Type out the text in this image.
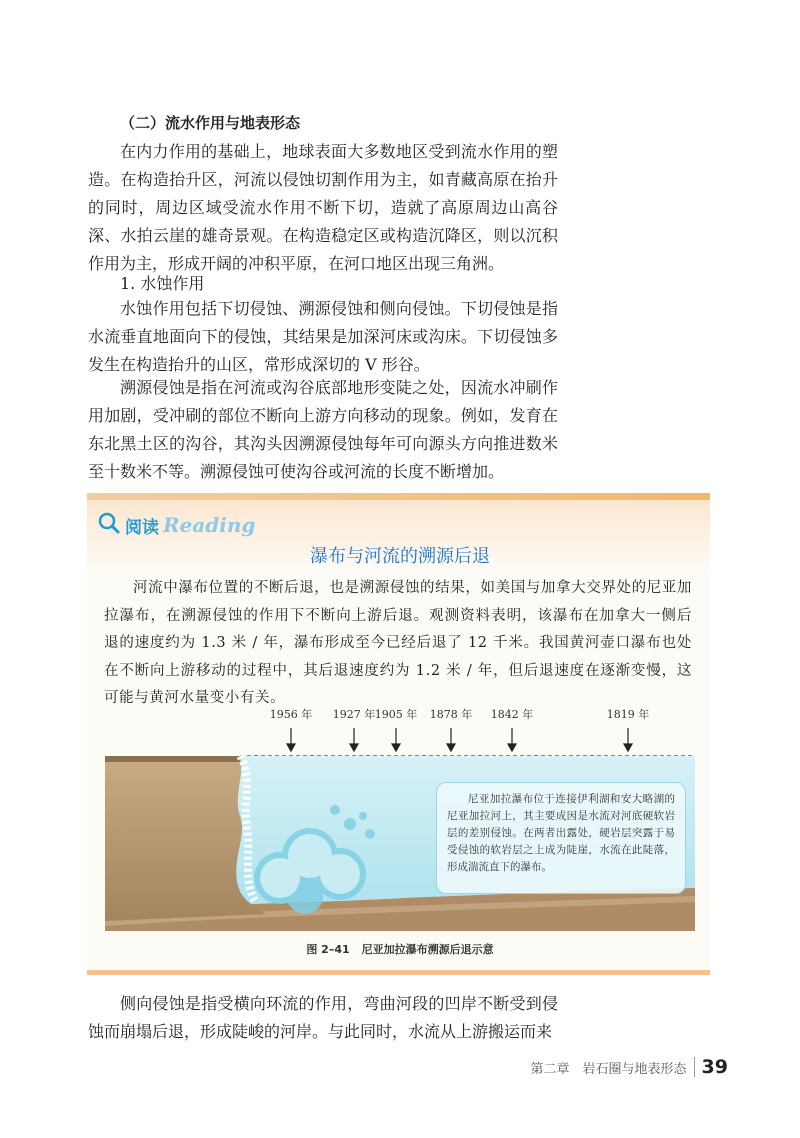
（二）流水作用与地表形态

在内力作用的基础上，地球表面大多数地区受到流水作用的塑造。在构造抬升区，河流以侵蚀切割作用为主，如青藏高原在抬升的同时，周边区域受流水作用不断下切，造就了高原周边山高谷深、水拍云崖的雄奇景观。在构造稳定区或构造沉降区，则以沉积作用为主，形成开阔的冲积平原，在河口地区出现三角洲。

1. 水蚀作用

水蚀作用包括下切侵蚀、溯源侵蚀和侧向侵蚀。下切侵蚀是指水流垂直地面向下的侵蚀，其结果是加深河床或沟床。下切侵蚀多发生在构造抬升的山区，常形成深切的 V 形谷。

溯源侵蚀是指在河流或沟谷底部地形变陡之处，因流水冲刷作用加剧，受冲刷的部位不断向上游方向移动的现象。例如，发育在东北黑土区的沟谷，其沟头因溯源侵蚀每年可向源头方向推进数米至十数米不等。溯源侵蚀可使沟谷或河流的长度不断增加。

阅读 Reading
瀑布与河流的溯源后退

河流中瀑布位置的不断后退，也是溯源侵蚀的结果，如美国与加拿大交界处的尼亚加拉瀑布，在溯源侵蚀的作用下不断向上游后退。观测资料表明，该瀑布在加拿大一侧后退的速度约为 1.3 米 / 年，瀑布形成至今已经后退了 12 千米。我国黄河壶口瀑布也处在不断向上游移动的过程中，其后退速度约为 1.2 米 / 年，但后退速度在逐渐变慢，这可能与黄河水量变小有关。

1956 年 1927 年 1905 年 1878 年 1842 年	1819 年

尼亚加拉瀑布位于连接伊利湖和安大略湖的尼亚加拉河上，其主要成因是水流对河底硬软岩层的差别侵蚀。在两者出露处，硬岩层突露于易受侵蚀的软岩层之上成为陡崖，水流在此陡落，形成湍流直下的瀑布。

图 2–41 尼亚加拉瀑布溯源后退示意

侧向侵蚀是指受横向环流的作用，弯曲河段的凹岸不断受到侵蚀而崩塌后退，形成陡峻的河岸。与此同时，水流从上游搬运而来

第二章　岩石圈与地表形态 39
